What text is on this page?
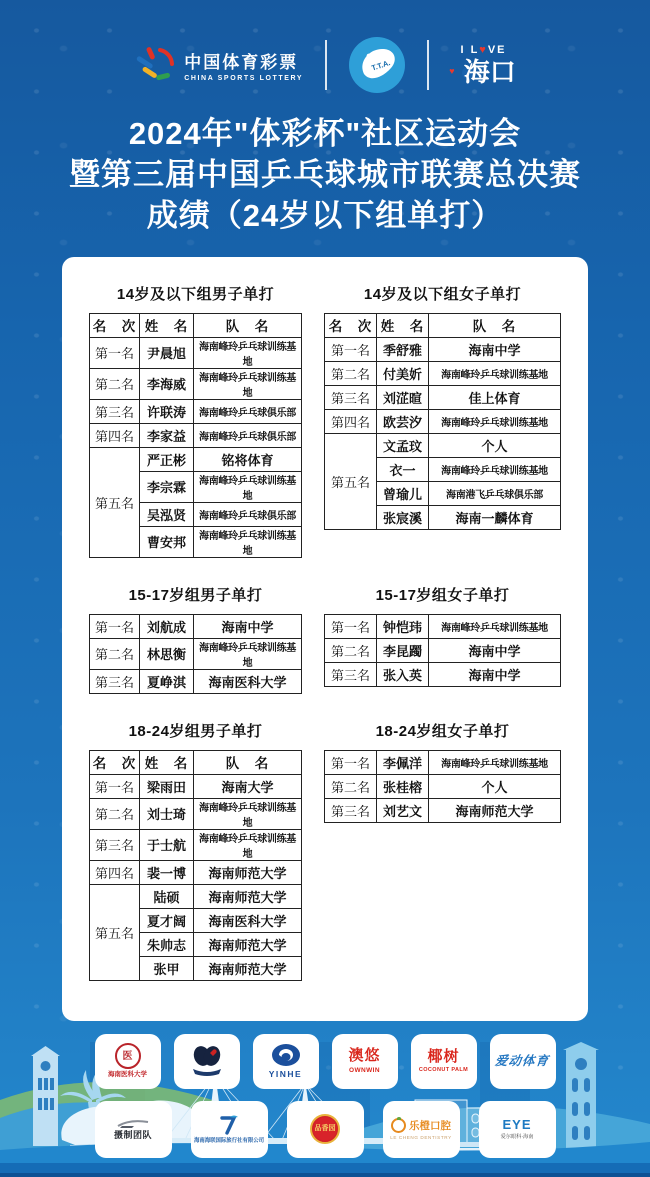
中国体育彩票
CHINA SPORTS LOTTERY
T.T.A.
I L♥VE
♥ 海口
2024年"体彩杯"社区运动会
暨第三届中国乒乓球城市联赛总决赛
成绩（24岁以下组单打）
14岁及以下组男子单打
名　次	姓　名	队　名
第一名	尹晨旭	海南峰玲乒乓球训练基地
第二名	李海威	海南峰玲乒乓球训练基地
第三名	许联涛	海南峰玲乒乓球俱乐部
第四名	李家益	海南峰玲乒乓球俱乐部
第五名	严正彬	铭将体育
	李宗霖	海南峰玲乒乓球训练基地
	吴泓贤	海南峰玲乒乓球俱乐部
	曹安邦	海南峰玲乒乓球训练基地
14岁及以下组女子单打
名　次	姓　名	队　名
第一名	季舒雅	海南中学
第二名	付美妡	海南峰玲乒乓球训练基地
第三名	刘淽暄	佳上体育
第四名	欧芸汐	海南峰玲乒乓球训练基地
第五名	文孟玟	个人
	衣一	海南峰玲乒乓球训练基地
	曾瑜儿	海南港飞乒乓球俱乐部
	张宸溪	海南一麟体育
15-17岁组男子单打
第一名	刘航成	海南中学
第二名	林思衡	海南峰玲乒乓球训练基地
第三名	夏峥淇	海南医科大学
15-17岁组女子单打
第一名	钟恺玮	海南峰玲乒乓球训练基地
第二名	李昆躅	海南中学
第三名	张入英	海南中学
18-24岁组男子单打
名　次	姓　名	队　名
第一名	梁雨田	海南大学
第二名	刘士琦	海南峰玲乒乓球训练基地
第三名	于士航	海南峰玲乒乓球训练基地
第四名	裴一博	海南师范大学
第五名	陆硕	海南师范大学
	夏才阔	海南医科大学
	朱帅志	海南师范大学
	张甲	海南师范大学
18-24岁组女子单打
第一名	李佩洋	海南峰玲乒乓球训练基地
第二名	张桂榕	个人
第三名	刘艺文	海南师范大学
医
海南医科大学	YINHE
澳悠
OWNWIN
椰树
COCONUT PALM
爱动体育
摄制团队
海南海联国际旅行社有限公司
品香园	乐橙口腔
LE CHENG DENTISTRY
EYE
爱尔眼科·海南
